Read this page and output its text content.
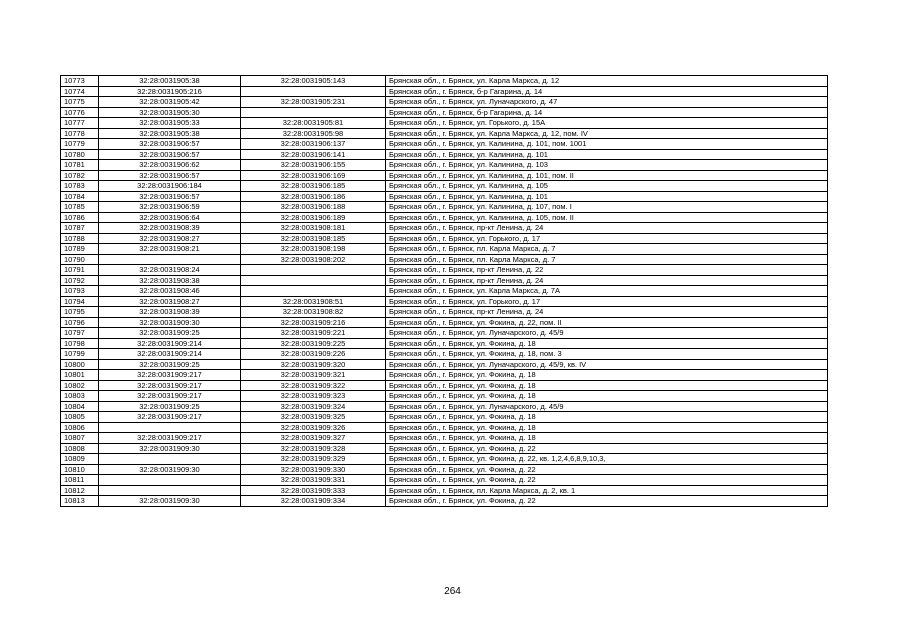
10773	32:28:0031905:38	32:28:0031905:143	Брянская обл., г. Брянск, ул. Карла Маркса, д. 12
10774	32:28:0031905:216		Брянская обл., г. Брянск, б-р Гагарина, д. 14
10775	32:28:0031905:42	32:28:0031905:231	Брянская обл., г. Брянск, ул. Луначарского, д. 47
10776	32:28:0031905:30		Брянская обл., г. Брянск, б-р Гагарина, д. 14
10777	32:28:0031905:33	32:28:0031905:81	Брянская обл., г. Брянск, ул. Горького, д. 15А
10778	32:28:0031905:38	32:28:0031905:98	Брянская обл., г. Брянск, ул. Карла Маркса, д. 12, пом. IV
10779	32:28:0031906:57	32:28:0031906:137	Брянская обл., г. Брянск, ул. Калинина, д. 101, пом. 1001
10780	32:28:0031906:57	32:28:0031906:141	Брянская обл., г. Брянск, ул. Калинина, д. 101
10781	32:28:0031906:62	32:28:0031906:155	Брянская обл., г. Брянск, ул. Калинина, д. 103
10782	32:28:0031906:57	32:28:0031906:169	Брянская обл., г. Брянск, ул. Калинина, д. 101, пом. II
10783	32:28:0031906:184	32:28:0031906:185	Брянская обл., г. Брянск, ул. Калинина, д. 105
10784	32:28:0031906:57	32:28:0031906:186	Брянская обл., г. Брянск, ул. Калинина, д. 101
10785	32:28:0031906:59	32:28:0031906:188	Брянская обл., г. Брянск, ул. Калинина, д. 107, пом. I
10786	32:28:0031906:64	32:28:0031906:189	Брянская обл., г. Брянск, ул. Калинина, д. 105, пом. II
10787	32:28:0031908:39	32:28:0031908:181	Брянская обл., г. Брянск, пр-кт Ленина, д. 24
10788	32:28:0031908:27	32:28:0031908:185	Брянская обл., г. Брянск, ул. Горького, д. 17
10789	32:28:0031908:21	32:28:0031908:198	Брянская обл., г. Брянск, пл. Карла Маркса, д. 7
10790		32:28:0031908:202	Брянская обл., г. Брянск, пл. Карла Маркса, д. 7
10791	32:28:0031908:24		Брянская обл., г. Брянск, пр-кт Ленина, д. 22
10792	32:28:0031908:38		Брянская обл., г. Брянск, пр-кт Ленина, д. 24
10793	32:28:0031908:46		Брянская обл., г. Брянск, ул. Карла Маркса, д. 7А
10794	32:28:0031908:27	32:28:0031908:51	Брянская обл., г. Брянск, ул. Горького, д. 17
10795	32:28:0031908:39	32:28:0031908:82	Брянская обл., г. Брянск, пр-кт Ленина, д. 24
10796	32:28:0031909:30	32:28:0031909:216	Брянская обл., г. Брянск, ул. Фокина, д. 22, пом. II
10797	32:28:0031909:25	32:28:0031909:221	Брянская обл., г. Брянск, ул. Луначарского, д. 45/9
10798	32:28:0031909:214	32:28:0031909:225	Брянская обл., г. Брянск, ул. Фокина, д. 18
10799	32:28:0031909:214	32:28:0031909:226	Брянская обл., г. Брянск, ул. Фокина, д. 18, пом. 3
10800	32:28:0031909:25	32:28:0031909:320	Брянская обл., г. Брянск, ул. Луначарского, д. 45/9, кв. IV
10801	32:28:0031909:217	32:28:0031909:321	Брянская обл., г. Брянск, ул. Фокина, д. 18
10802	32:28:0031909:217	32:28:0031909:322	Брянская обл., г. Брянск, ул. Фокина, д. 18
10803	32:28:0031909:217	32:28:0031909:323	Брянская обл., г. Брянск, ул. Фокина, д. 18
10804	32:28:0031909:25	32:28:0031909:324	Брянская обл., г. Брянск, ул. Луначарского, д. 45/9
10805	32:28:0031909:217	32:28:0031909:325	Брянская обл., г. Брянск, ул. Фокина, д. 18
10806		32:28:0031909:326	Брянская обл., г. Брянск, ул. Фокина, д. 18
10807	32:28:0031909:217	32:28:0031909:327	Брянская обл., г. Брянск, ул. Фокина, д. 18
10808	32:28:0031909:30	32:28:0031909:328	Брянская обл., г. Брянск, ул. Фокина, д. 22
10809		32:28:0031909:329	Брянская обл., г. Брянск, ул. Фокина, д. 22, кв. 1,2,4,6,8,9,10,3,
10810	32:28:0031909:30	32:28:0031909:330	Брянская обл., г. Брянск, ул. Фокина, д. 22
10811		32:28:0031909:331	Брянская обл., г. Брянск, ул. Фокина, д. 22
10812		32:28:0031909:333	Брянская обл., г. Брянск, пл. Карла Маркса, д. 2, кв. 1
10813	32:28:0031909:30	32:28:0031909:334	Брянская обл., г. Брянск, ул. Фокина, д. 22
264
